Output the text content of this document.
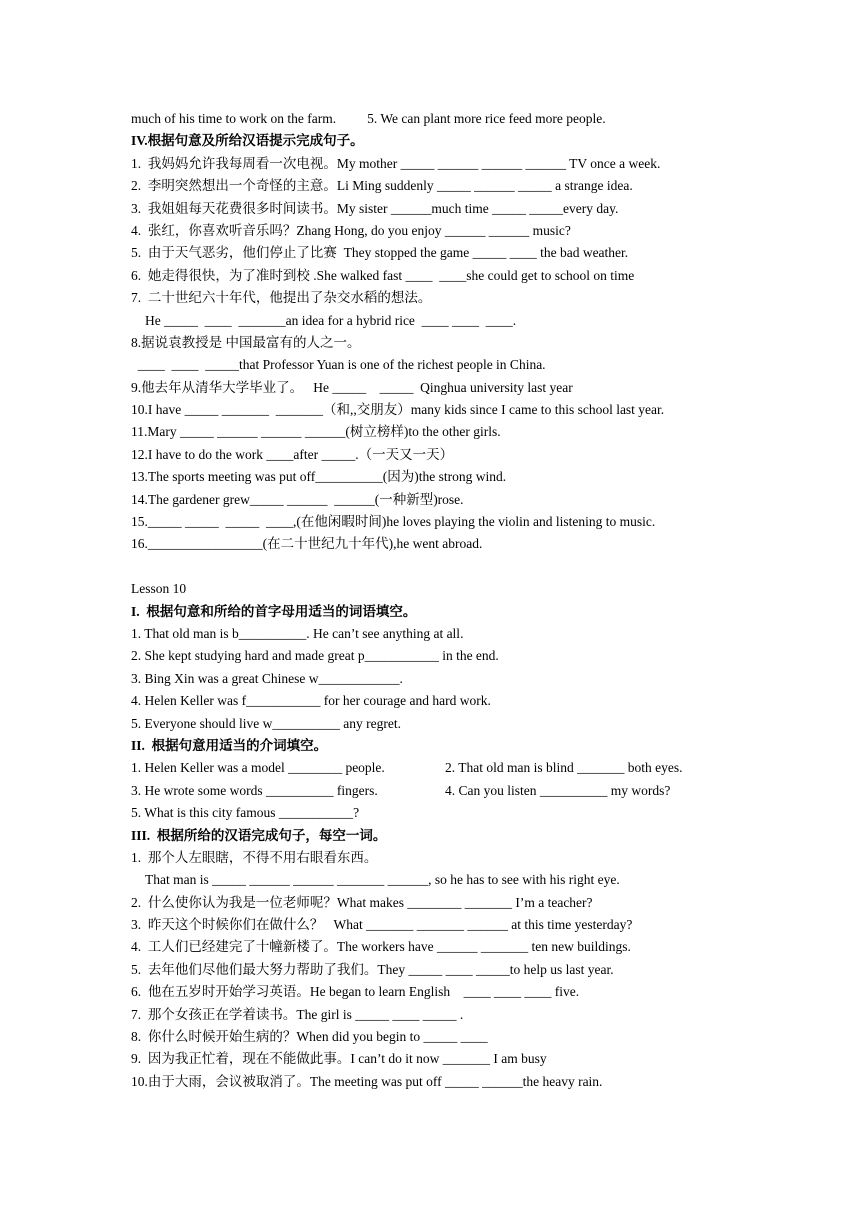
much of his time to work on the farm. 5. We can plant more rice feed more people.
IV.根据句意及所给汉语提示完成句子。
1.  我妈妈允许我每周看一次电视。My mother _____ ______ ______ ______ TV once a week.
2.  李明突然想出一个奇怪的主意。Li Ming suddenly _____ ______ _____ a strange idea.
3.  我姐姐每天花费很多时间读书。My sister ______much time _____ _____every day.
4.  张红，你喜欢听音乐吗？Zhang Hong, do you enjoy ______ ______ music?
5.  由于天气恶劣，他们停止了比赛  They stopped the game _____ ____ the bad weather.
6.  她走得很快，为了准时到校 .She walked fast ____  ____she could get to school on time
7.  二十世纪六十年代，他提出了杂交水稻的想法。
He _____  ____  _______an idea for a hybrid rice  ____ ____  ____.
8.据说袁教授是 中国最富有的人之一。
____  ____  _____that Professor Yuan is one of the richest people in China.
9.他去年从清华大学毕业了。   He _____    _____  Qinghua university last year
10.I have _____ _______  _______（和,,交朋友）many kids since I came to this school last year.
11.Mary _____ ______ ______ ______(树立榜样)to the other girls.
12.I have to do the work ____after _____.（一天又一天）
13.The sports meeting was put off__________(因为)the strong wind.
14.The gardener grew_____ ______  ______(一种新型)rose.
15._____ _____  _____  ____,(在他闲暇时间)he loves playing the violin and listening to music.
16._________________(在二十世纪九十年代),he went abroad.
Lesson 10
I.  根据句意和所给的首字母用适当的词语填空。
1. That old man is b__________. He can’t see anything at all.
2. She kept studying hard and made great p___________ in the end.
3. Bing Xin was a great Chinese w____________.
4. Helen Keller was f___________ for her courage and hard work.
5. Everyone should live w__________ any regret.
II.  根据句意用适当的介词填空。
1. Helen Keller was a model ________ people.	2. That old man is blind _______ both eyes.
3. He wrote some words __________ fingers.	4. Can you listen __________ my words?
5. What is this city famous ___________?
III.  根据所给的汉语完成句子，每空一词。
1.  那个人左眼瞎，不得不用右眼看东西。
That man is _____ ______ ______ _______ ______, so he has to see with his right eye.
2.  什么使你认为我是一位老师呢？What makes ________ _______ I’m a teacher?
3.  昨天这个时候你们在做什么？   What _______ _______ ______ at this time yesterday?
4.  工人们已经建完了十幢新楼了。The workers have ______ _______ ten new buildings.
5.  去年他们尽他们最大努力帮助了我们。They _____ ____ _____to help us last year.
6.  他在五岁时开始学习英语。He began to learn English    ____ ____ ____ five.
7.  那个女孩正在学着读书。The girl is _____ ____ _____ .
8.  你什么时候开始生病的？When did you begin to _____ ____
9.  因为我正忙着，现在不能做此事。I can’t do it now _______ I am busy
10.由于大雨，会议被取消了。The meeting was put off _____ ______the heavy rain.
